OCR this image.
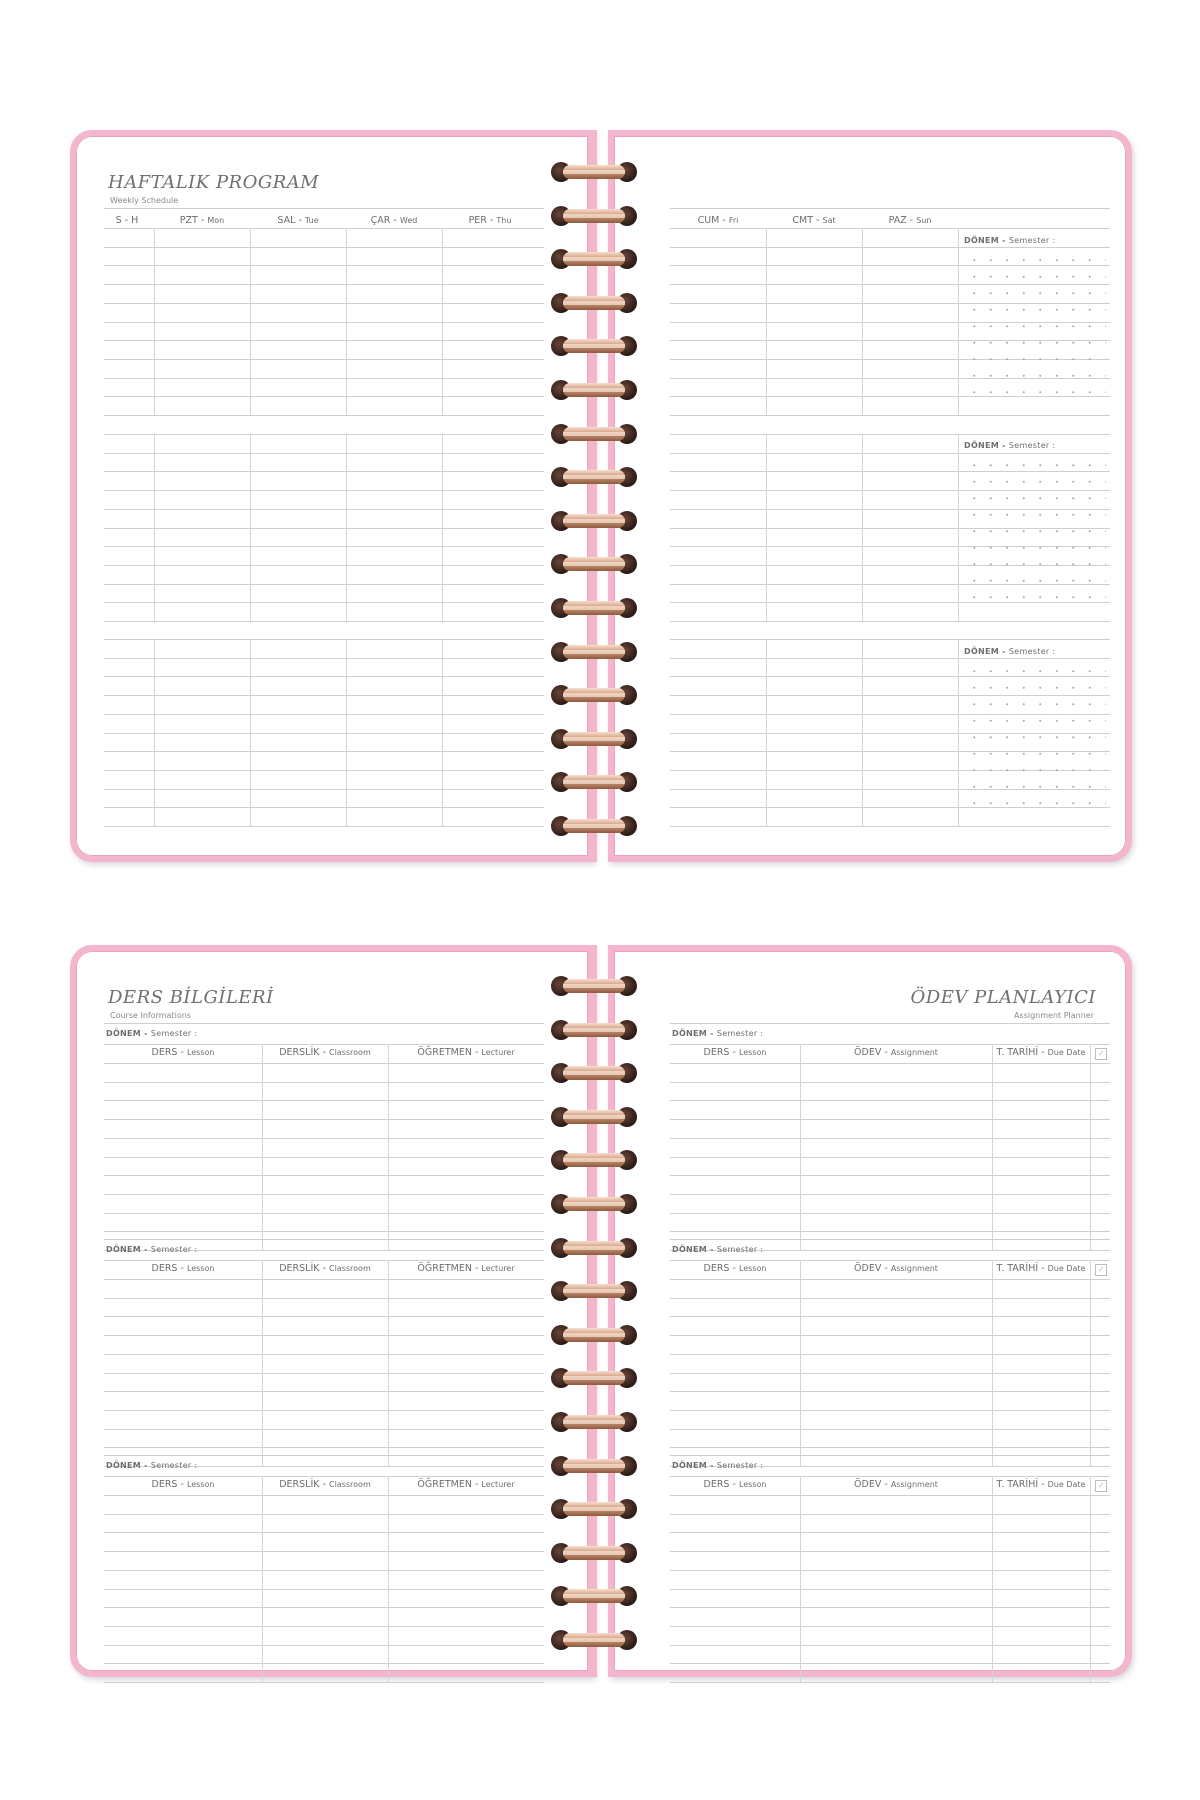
HAFTALIK PROGRAM
Weekly Schedule
S - H	PZT - Mon	SAL - Tue	ÇAR - Wed	PER - Thu	CUM - Fri	CMT - Sat	PAZ - Sun
DÖNEM - Semester :
DÖNEM - Semester :
DÖNEM - Semester :
DERS BİLGİLERİ
Course Informations
DÖNEM - Semester :
DERS - Lesson	DERSLİK - Classroom	ÖĞRETMEN - Lecturer
DÖNEM - Semester :
DERS - Lesson	DERSLİK - Classroom	ÖĞRETMEN - Lecturer
DÖNEM - Semester :
DERS - Lesson	DERSLİK - Classroom	ÖĞRETMEN - Lecturer
ÖDEV PLANLAYICI
Assignment Planner
DÖNEM - Semester :
DERS - Lesson	ÖDEV - Assignment	T. TARİHİ - Due Date	✓
DÖNEM - Semester :
DERS - Lesson	ÖDEV - Assignment	T. TARİHİ - Due Date	✓
DÖNEM - Semester :
DERS - Lesson	ÖDEV - Assignment	T. TARİHİ - Due Date	✓
